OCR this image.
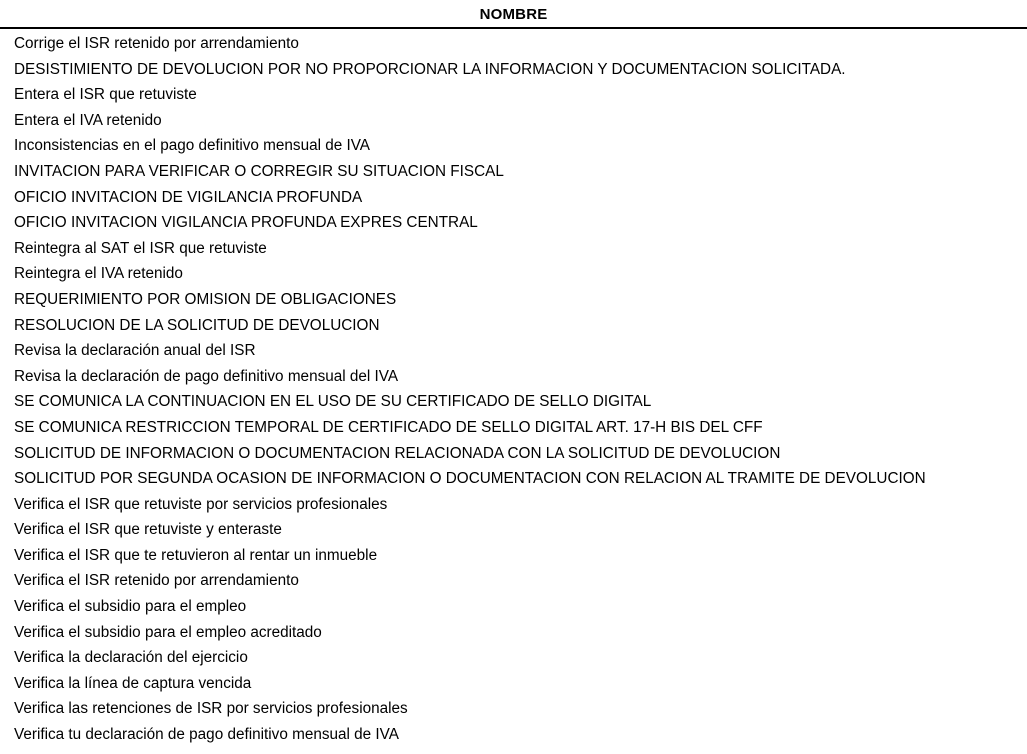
NOMBRE
Corrige el ISR retenido por arrendamiento
DESISTIMIENTO DE DEVOLUCION POR NO PROPORCIONAR LA INFORMACION Y DOCUMENTACION SOLICITADA.
Entera el ISR que retuviste
Entera el IVA retenido
Inconsistencias en el pago definitivo mensual de IVA
INVITACION PARA VERIFICAR O CORREGIR SU SITUACION FISCAL
OFICIO INVITACION DE VIGILANCIA PROFUNDA
OFICIO INVITACION VIGILANCIA PROFUNDA EXPRES CENTRAL
Reintegra al SAT el ISR que retuviste
Reintegra el IVA retenido
REQUERIMIENTO POR OMISION DE OBLIGACIONES
RESOLUCION DE LA SOLICITUD DE DEVOLUCION
Revisa la declaración anual del ISR
Revisa la declaración de pago definitivo mensual del IVA
SE COMUNICA LA CONTINUACION EN EL USO DE SU CERTIFICADO DE SELLO DIGITAL
SE COMUNICA RESTRICCION TEMPORAL DE CERTIFICADO DE SELLO DIGITAL ART. 17-H BIS DEL CFF
SOLICITUD DE INFORMACION O DOCUMENTACION RELACIONADA CON LA SOLICITUD DE DEVOLUCION
SOLICITUD POR SEGUNDA OCASION DE INFORMACION O DOCUMENTACION CON RELACION AL TRAMITE DE DEVOLUCION
Verifica el ISR que retuviste por servicios profesionales
Verifica el ISR que retuviste y enteraste
Verifica el ISR que te retuvieron al rentar un inmueble
Verifica el ISR retenido por arrendamiento
Verifica el subsidio para el empleo
Verifica el subsidio para el empleo acreditado
Verifica la declaración del ejercicio
Verifica la línea de captura vencida
Verifica las retenciones de ISR por servicios profesionales
Verifica tu declaración de pago definitivo mensual de IVA
